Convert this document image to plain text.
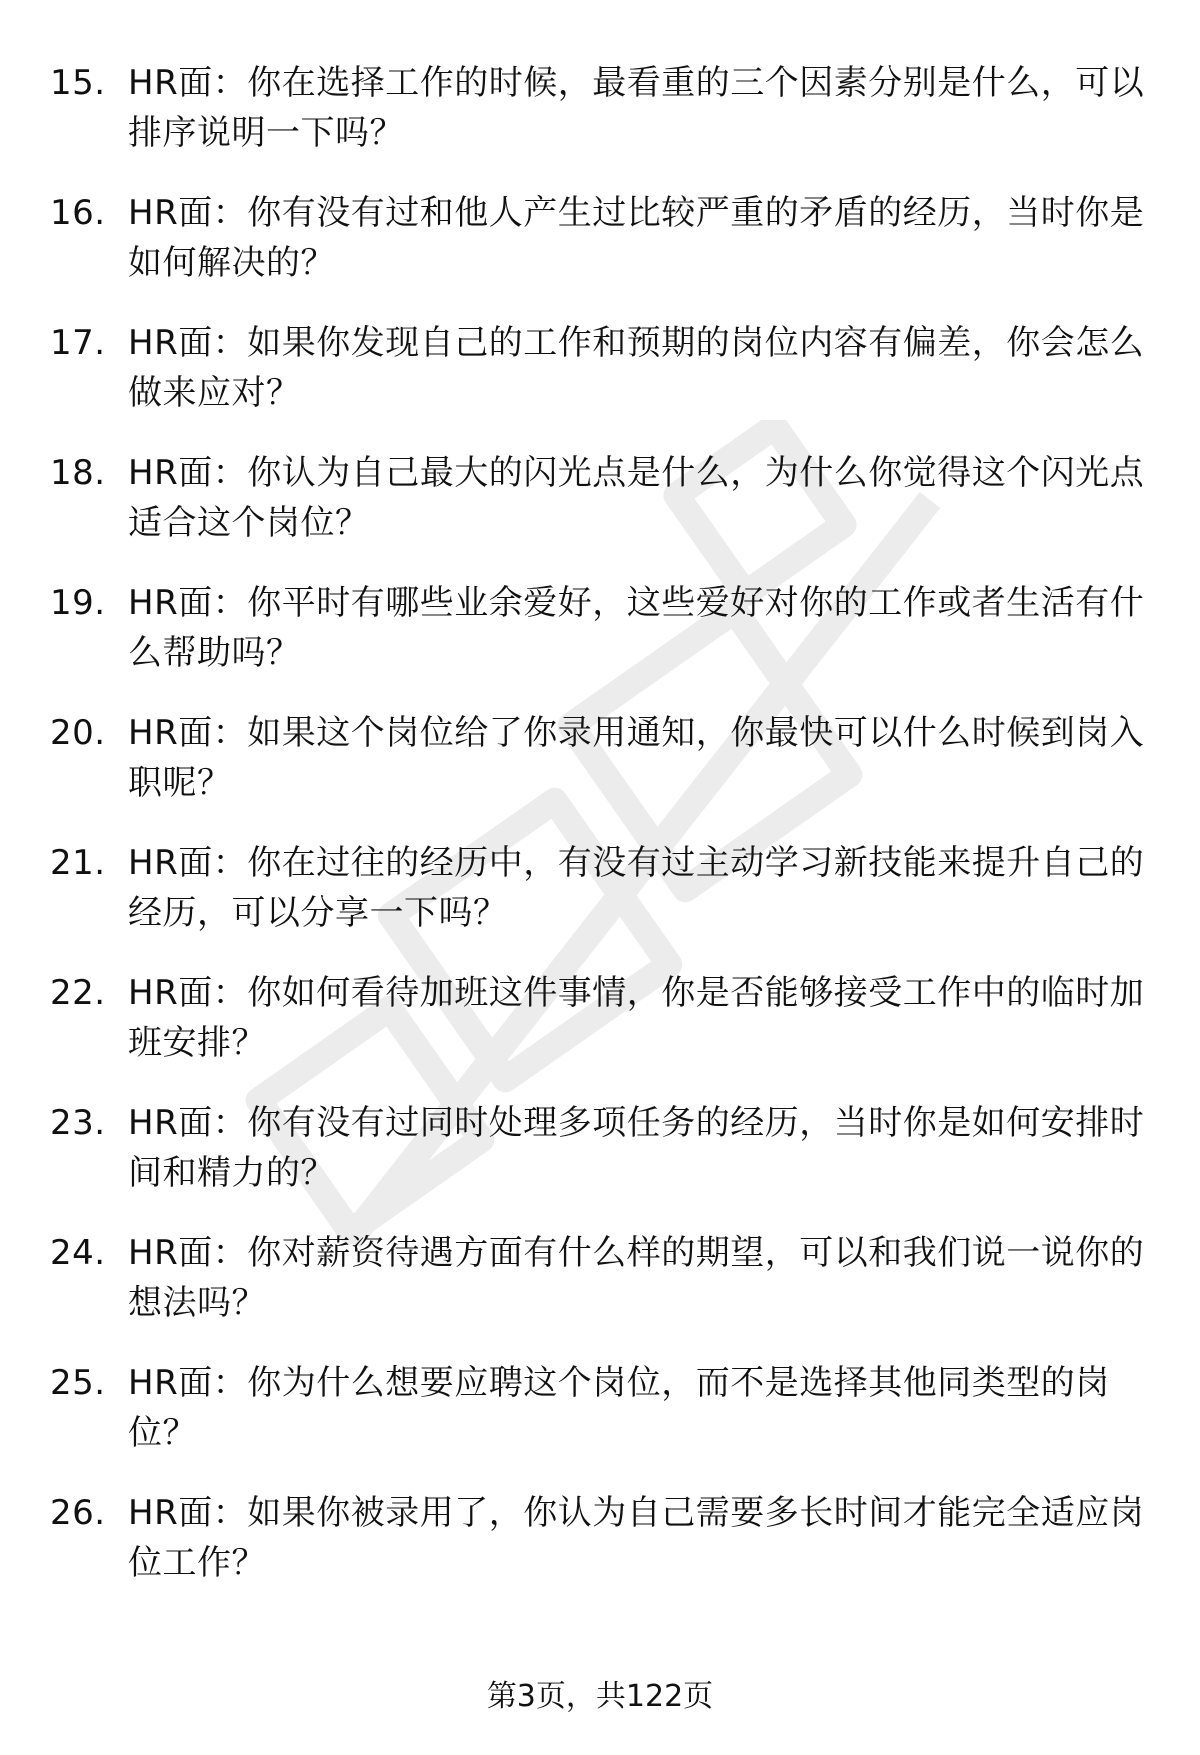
15. HR面：你在选择工作的时候，最看重的三个因素分别是什么，可以排序说明一下吗？
16. HR面：你有没有过和他人产生过比较严重的矛盾的经历，当时你是如何解决的？
17. HR面：如果你发现自己的工作和预期的岗位内容有偏差，你会怎么做来应对？
18. HR面：你认为自己最大的闪光点是什么，为什么你觉得这个闪光点适合这个岗位？
19. HR面：你平时有哪些业余爱好，这些爱好对你的工作或者生活有什么帮助吗？
20. HR面：如果这个岗位给了你录用通知，你最快可以什么时候到岗入职呢？
21. HR面：你在过往的经历中，有没有过主动学习新技能来提升自己的经历，可以分享一下吗？
22. HR面：你如何看待加班这件事情，你是否能够接受工作中的临时加班安排？
23. HR面：你有没有过同时处理多项任务的经历，当时你是如何安排时间和精力的？
24. HR面：你对薪资待遇方面有什么样的期望，可以和我们说一说你的想法吗？
25. HR面：你为什么想要应聘这个岗位，而不是选择其他同类型的岗位？
26. HR面：如果你被录用了，你认为自己需要多长时间才能完全适应岗位工作？
第3页，共122页
